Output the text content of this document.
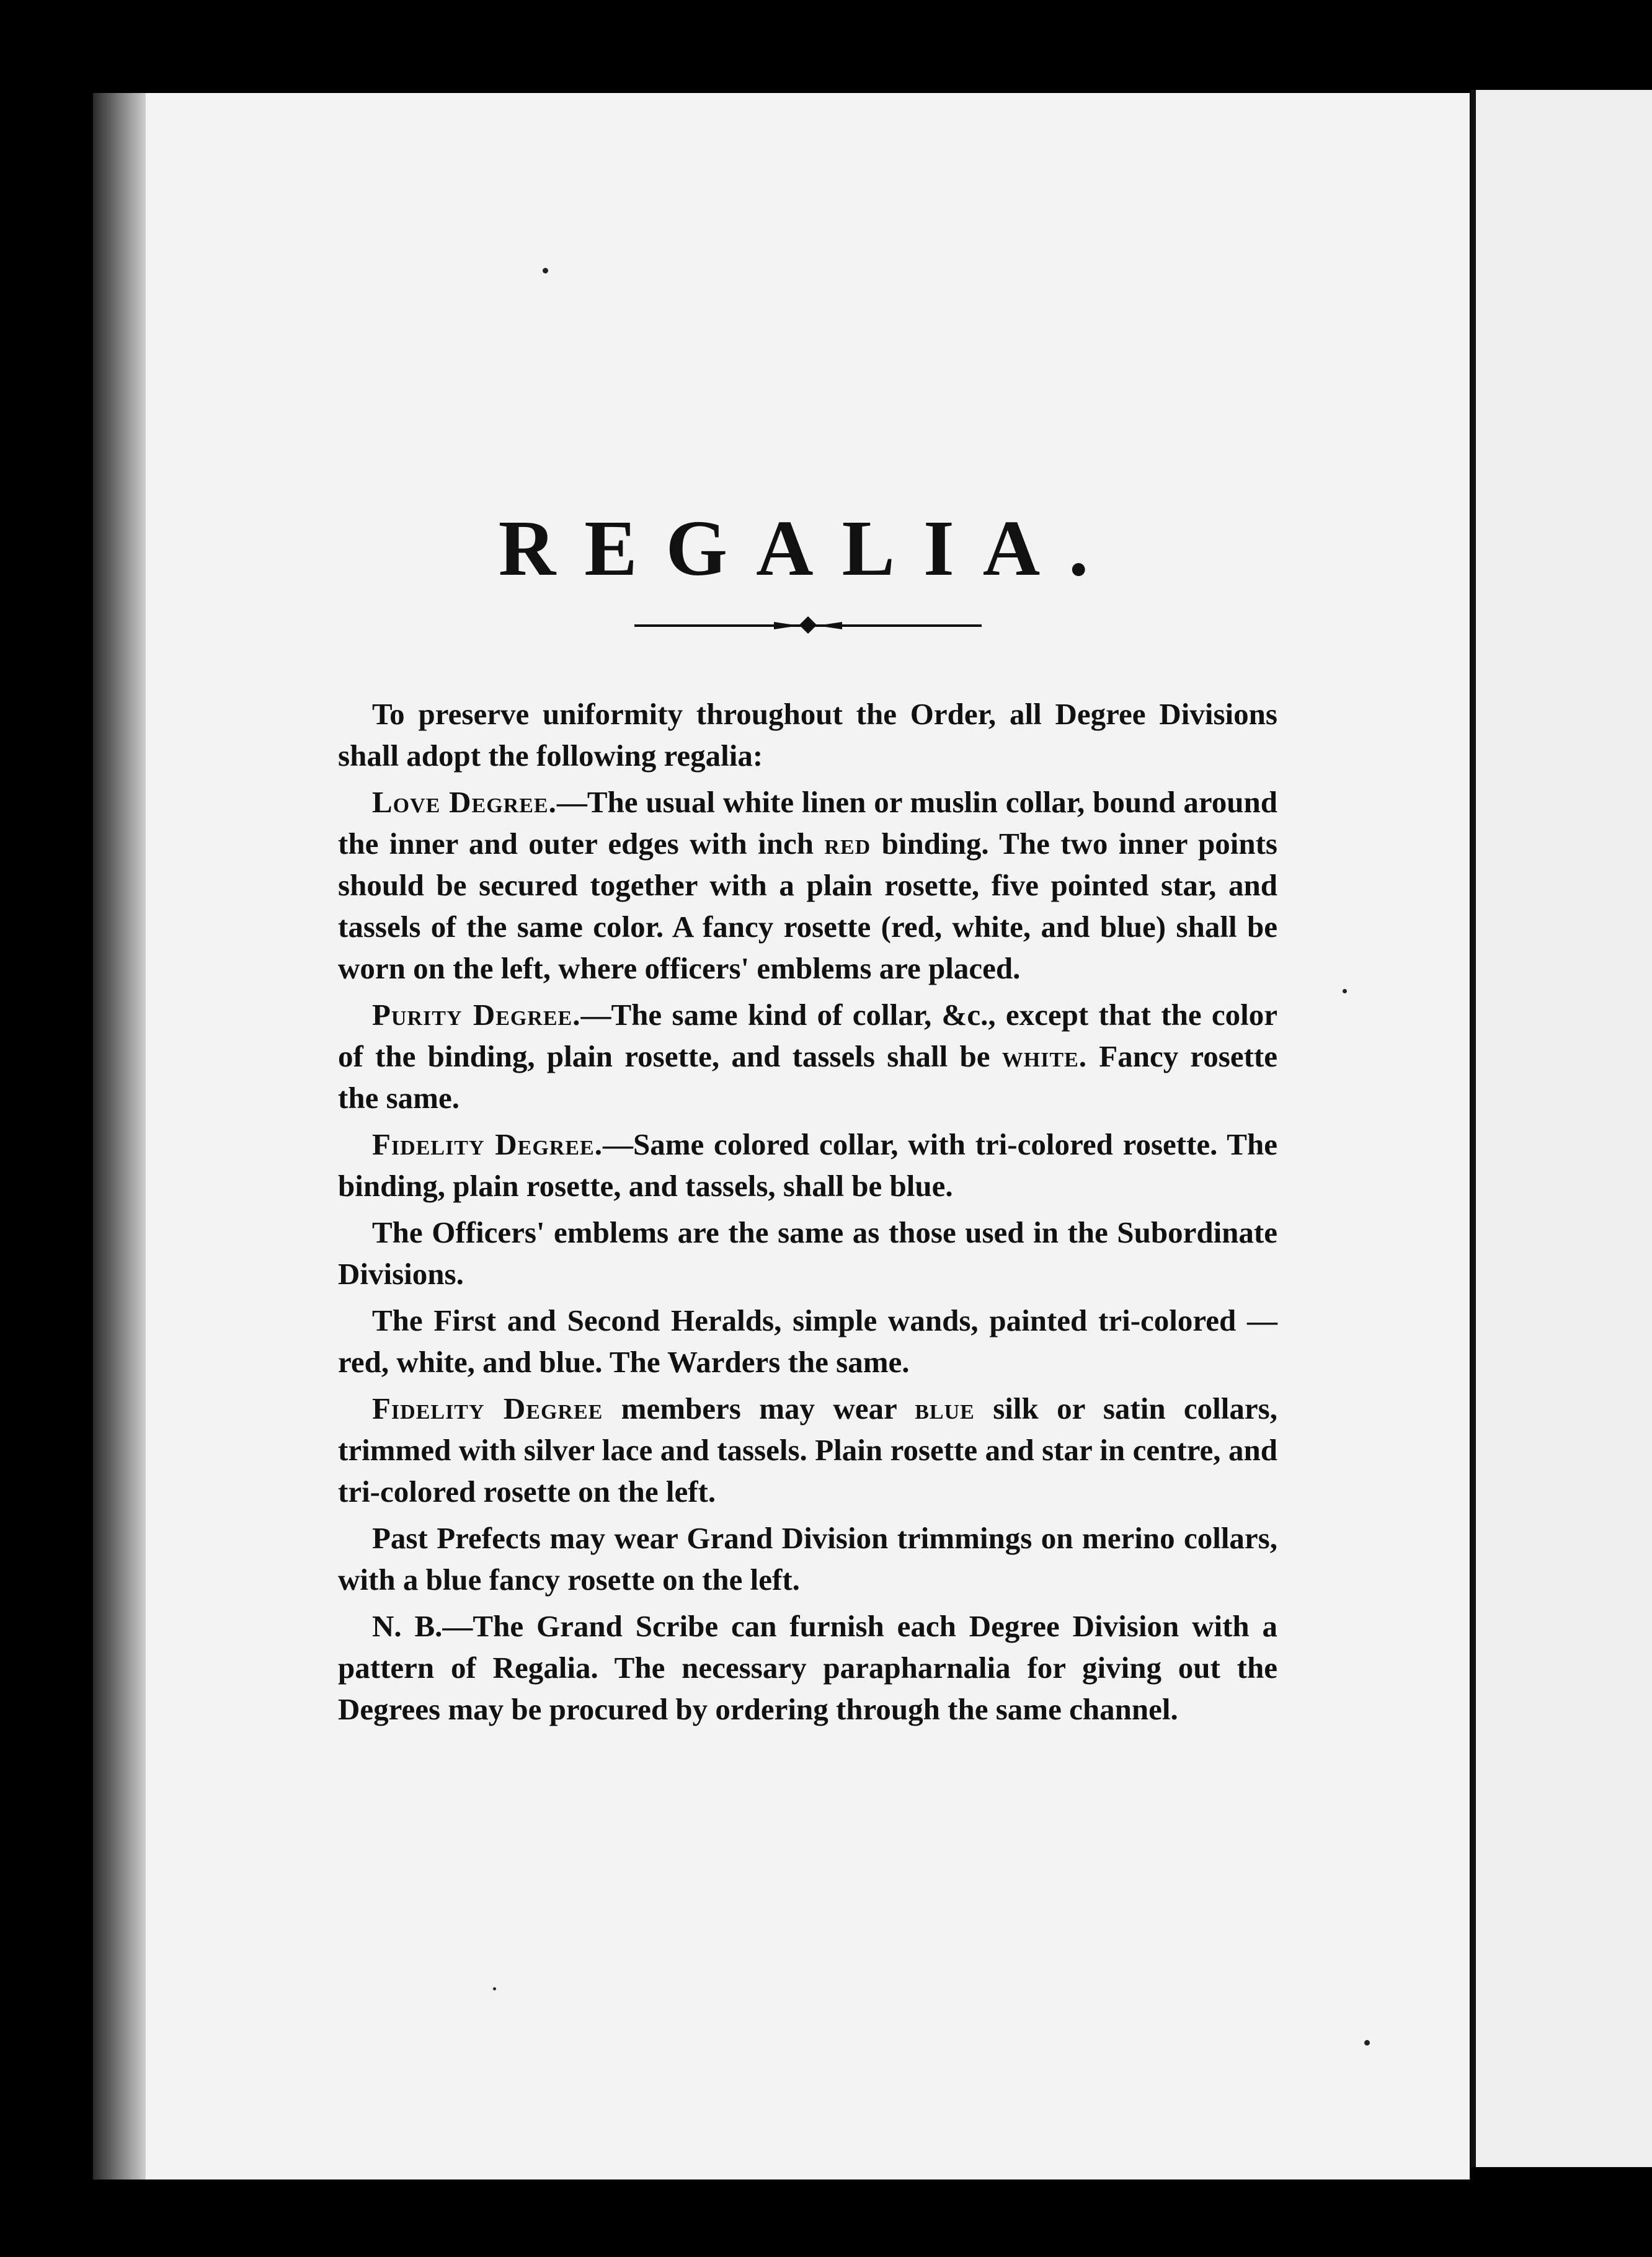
REGALIA.

To preserve uniformity throughout the Order, all Degree Divisions shall adopt the following regalia:

Love Degree.—The usual white linen or muslin collar, bound around the inner and outer edges with inch red binding. The two inner points should be secured together with a plain rosette, five pointed star, and tassels of the same color. A fancy rosette (red, white, and blue) shall be worn on the left, where officers' emblems are placed.

Purity Degree.—The same kind of collar, &c., except that the color of the binding, plain rosette, and tassels shall be white. Fancy rosette the same.

Fidelity Degree.—Same colored collar, with tri-colored rosette. The binding, plain rosette, and tassels, shall be blue.

The Officers' emblems are the same as those used in the Subordinate Divisions.

The First and Second Heralds, simple wands, painted tri-colored —red, white, and blue. The Warders the same.

Fidelity Degree members may wear blue silk or satin collars, trimmed with silver lace and tassels. Plain rosette and star in centre, and tri-colored rosette on the left.

Past Prefects may wear Grand Division trimmings on merino collars, with a blue fancy rosette on the left.

N. B.—The Grand Scribe can furnish each Degree Division with a pattern of Regalia. The necessary parapharnalia for giving out the Degrees may be procured by ordering through the same channel.
